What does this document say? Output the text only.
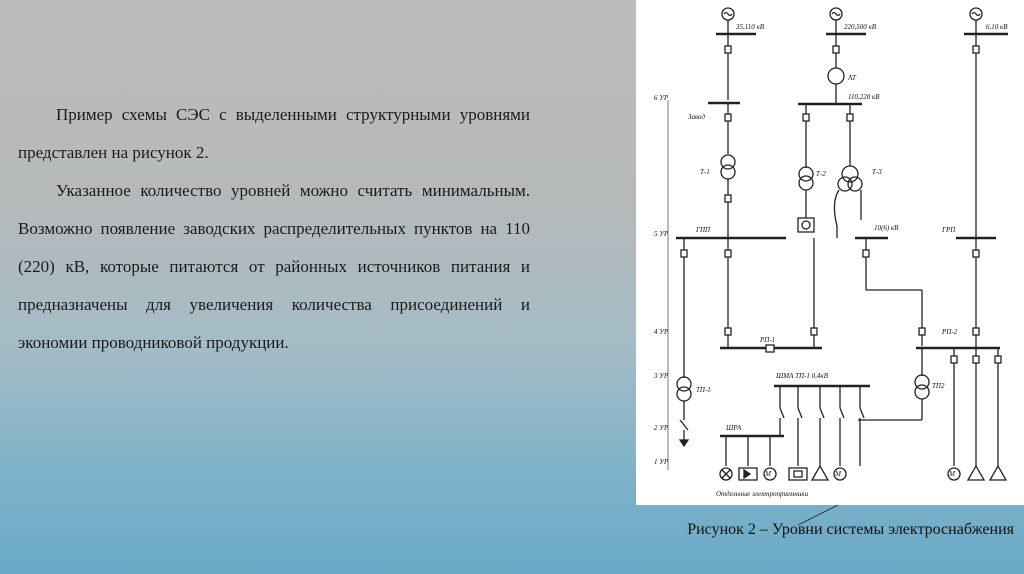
Пример схемы СЭС с выделенными структурными уровнями представлен на рисунок 2.

Указанное количество уровней можно считать минимальным. Возможно появление заводских распределительных пунктов на 110 (220) кВ, которые питаются от районных источников питания и предназначены для увеличения количества присоединений и экономии проводниковой продукции.

35,110 кВ	220,500 кВ	6,10 кВ
АТ
110,220 кВ
Завод
Т-1	Т-2	Т-3
ГПП	10(6) кВ	ГРП
РП-1
РП-2
ТП-1	ТП2
ШМА ТП-1 0,4кВ
ШРА
М	М	М
Отдельные электроприемники
6 УР
5 УР
4 УР
3 УР
2 УР
1 УР
Рисунок 2 – Уровни системы электроснабжения
